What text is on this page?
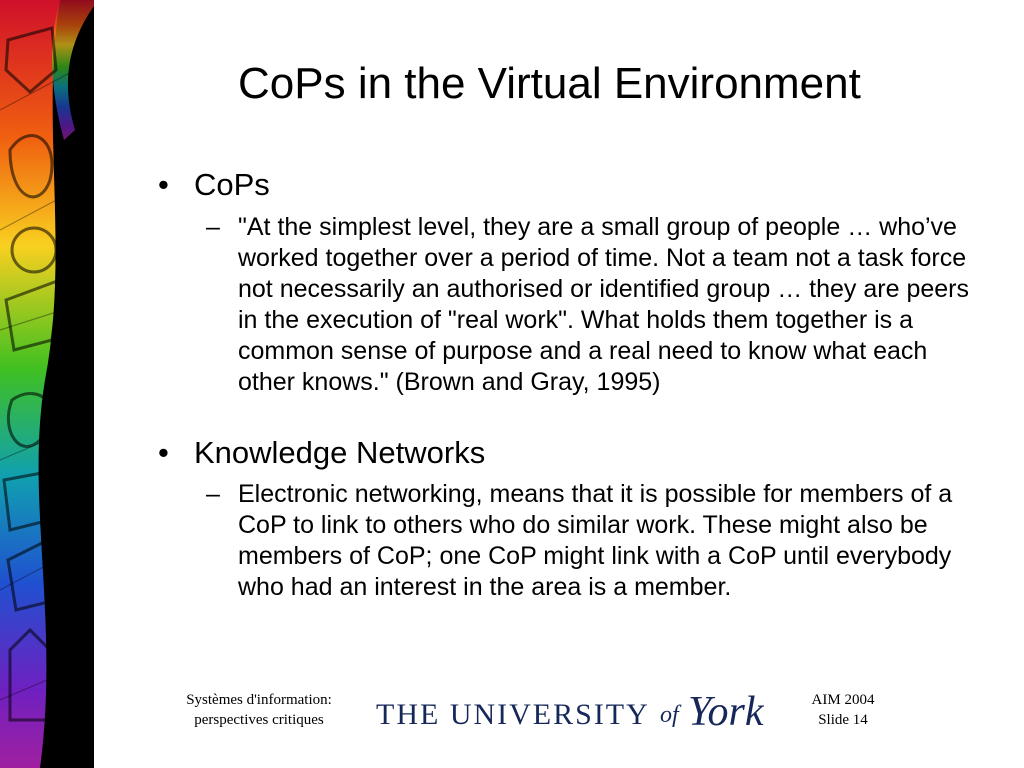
CoPs in the Virtual Environment
• CoPs
– "At the simplest level, they are a small group of people … who’ve worked together over a period of time. Not a team not a task force not necessarily an authorised or identified group … they are peers in the execution of "real work". What holds them together is a common sense of purpose and a real need to know what each other knows." (Brown and Gray, 1995)
• Knowledge Networks
– Electronic networking, means that it is possible for members of a CoP to link to others who do similar work. These might also be members of CoP; one CoP might link with a CoP until everybody who had an interest in the area is a member.
Systèmes d'information:
perspectives critiques	THE UNIVERSITY of York	AIM 2004
Slide 14
